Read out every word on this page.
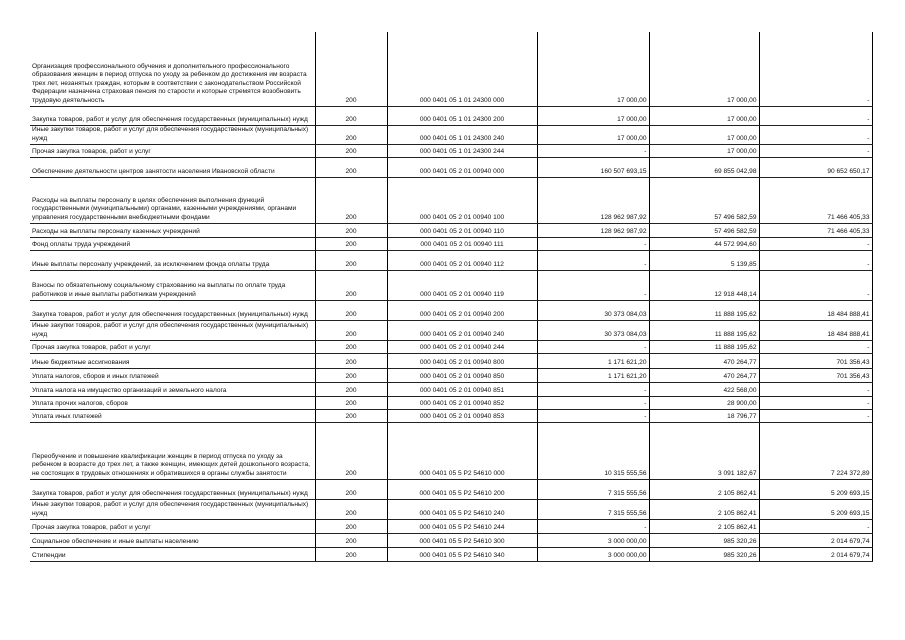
Организация профессионального обучения и дополнительного профессионального образования женщин в период отпуска по уходу за ребенком до достижения им возраста трех лет, незанятых граждан, которым в соответствии с законодательством Российской Федерации назначена страховая пенсия по старости и которые стремятся возобновить трудовую деятельность	200	000 0401 05 1 01 24300 000	17 000,00	17 000,00	-
Закупка товаров, работ и услуг для обеспечения государственных (муниципальных) нужд	200	000 0401 05 1 01 24300 200	17 000,00	17 000,00	-
Иные закупки товаров, работ и услуг для обеспечения государственных (муниципальных) нужд	200	000 0401 05 1 01 24300 240	17 000,00	17 000,00	-
Прочая закупка товаров, работ и услуг	200	000 0401 05 1 01 24300 244	-	17 000,00	-
Обеспечение деятельности центров занятости населения Ивановской области	200	000 0401 05 2 01 00940 000	160 507 693,15	69 855 042,98	90 652 650,17
Расходы на выплаты персоналу в целях обеспечения выполнения функций государственными (муниципальными) органами, казенными учреждениями, органами управления государственными внебюджетными фондами	200	000 0401 05 2 01 00940 100	128 962 987,92	57 496 582,59	71 466 405,33
Расходы на выплаты персоналу казенных учреждений	200	000 0401 05 2 01 00940 110	128 962 987,92	57 496 582,59	71 466 405,33
Фонд оплаты труда учреждений	200	000 0401 05 2 01 00940 111	-	44 572 994,60	-
Иные выплаты персоналу учреждений, за исключением фонда оплаты труда	200	000 0401 05 2 01 00940 112	-	5 139,85	-
Взносы по обязательному социальному страхованию на выплаты по оплате труда работников и иные выплаты работникам учреждений	200	000 0401 05 2 01 00940 119	-	12 918 448,14	-
Закупка товаров, работ и услуг для обеспечения государственных (муниципальных) нужд	200	000 0401 05 2 01 00940 200	30 373 084,03	11 888 195,62	18 484 888,41
Иные закупки товаров, работ и услуг для обеспечения государственных (муниципальных) нужд	200	000 0401 05 2 01 00940 240	30 373 084,03	11 888 195,62	18 484 888,41
Прочая закупка товаров, работ и услуг	200	000 0401 05 2 01 00940 244	-	11 888 195,62	-
Иные бюджетные ассигнования	200	000 0401 05 2 01 00940 800	1 171 621,20	470 264,77	701 356,43
Уплата налогов, сборов и иных платежей	200	000 0401 05 2 01 00940 850	1 171 621,20	470 264,77	701 356,43
Уплата налога на имущество организаций и земельного налога	200	000 0401 05 2 01 00940 851	-	422 568,00	-
Уплата прочих налогов, сборов	200	000 0401 05 2 01 00940 852	-	28 900,00	-
Уплата иных платежей	200	000 0401 05 2 01 00940 853	-	18 796,77	-
Переобучение и повышение квалификации женщин в период отпуска по уходу за ребенком в возрасте до трех лет, а также женщин, имеющих детей дошкольного возраста, не состоящих в трудовых отношениях и обратившихся в органы службы занятости	200	000 0401 05 5 P2 54610 000	10 315 555,56	3 091 182,67	7 224 372,89
Закупка товаров, работ и услуг для обеспечения государственных (муниципальных) нужд	200	000 0401 05 5 P2 54610 200	7 315 555,56	2 105 862,41	5 209 693,15
Иные закупки товаров, работ и услуг для обеспечения государственных (муниципальных) нужд	200	000 0401 05 5 P2 54610 240	7 315 555,56	2 105 862,41	5 209 693,15
Прочая закупка товаров, работ и услуг	200	000 0401 05 5 P2 54610 244	-	2 105 862,41	-
Социальное обеспечение и иные выплаты населению	200	000 0401 05 5 P2 54610 300	3 000 000,00	985 320,26	2 014 679,74
Стипендии	200	000 0401 05 5 P2 54610 340	3 000 000,00	985 320,26	2 014 679,74
